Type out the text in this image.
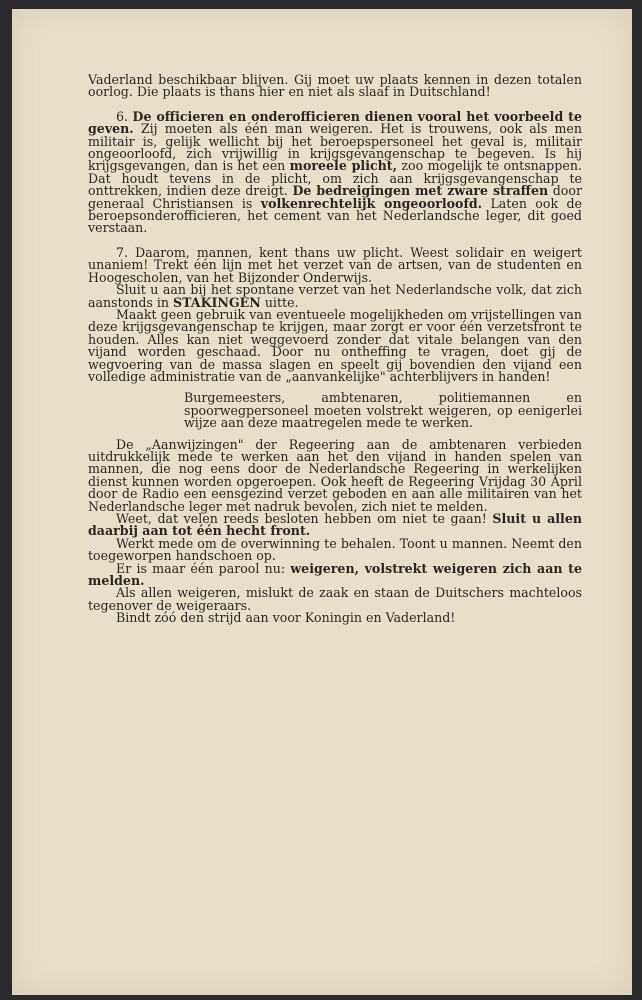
Vaderland beschikbaar blijven. Gij moet uw plaats kennen in dezen totalen oorlog. Die plaats is thans hier en niet als slaaf in Duitschland!

6. De officieren en onderofficieren dienen vooral het voorbeeld te geven. Zij moeten als één man weigeren. Het is trouwens, ook als men militair is, gelijk wellicht bij het beroepspersoneel het geval is, militair ongeoorloofd, zich vrijwillig in krijgsgevangenschap te begeven. Is hij krijgsgevangen, dan is het een moreele plicht, zoo mogelijk te ontsnappen. Dat houdt tevens in de plicht, om zich aan krijgsgevangenschap te onttrekken, indien deze dreigt. De bedreigingen met zware straffen door generaal Christiansen is volkenrechtelijk ongeoorloofd. Laten ook de beroepsonderofficieren, het cement van het Nederlandsche leger, dit goed verstaan.

7. Daarom, mannen, kent thans uw plicht. Weest solidair en weigert unaniem! Trekt één lijn met het verzet van de artsen, van de studenten en Hoogescholen, van het Bijzonder Onderwijs.

Sluit u aan bij het spontane verzet van het Nederlandsche volk, dat zich aanstonds in STAKINGEN uitte.

Maakt geen gebruik van eventueele mogelijkheden om vrijstellingen van deze krijgsgevangenschap te krijgen, maar zorgt er voor één verzetsfront te houden. Alles kan niet weggevoerd zonder dat vitale belangen van den vijand worden geschaad. Door nu ontheffing te vragen, doet gij de wegvoering van de massa slagen en speelt gij bovendien den vijand een volledige administratie van de „aanvankelijke" achterblijvers in handen!

Burgemeesters, ambtenaren, politiemannen en spoorwegpersoneel moeten volstrekt weigeren, op eenigerlei wijze aan deze maatregelen mede te werken.

De „Aanwijzingen" der Regeering aan de ambtenaren verbieden uitdrukkelijk mede te werken aan het den vijand in handen spelen van mannen, die nog eens door de Nederlandsche Regeering in werkelijken dienst kunnen worden opgeroepen. Ook heeft de Regeering Vrijdag 30 April door de Radio een eensgezind verzet geboden en aan alle militairen van het Nederlandsche leger met nadruk bevolen, zich niet te melden.

Weet, dat velen reeds besloten hebben om niet te gaan! Sluit u allen daarbij aan tot één hecht front.

Werkt mede om de overwinning te behalen. Toont u mannen. Neemt den toegeworpen handschoen op.

Er is maar één parool nu: weigeren, volstrekt weigeren zich aan te melden.

Als allen weigeren, mislukt de zaak en staan de Duitschers machteloos tegenover de weigeraars.

Bindt zóó den strijd aan voor Koningin en Vaderland!
